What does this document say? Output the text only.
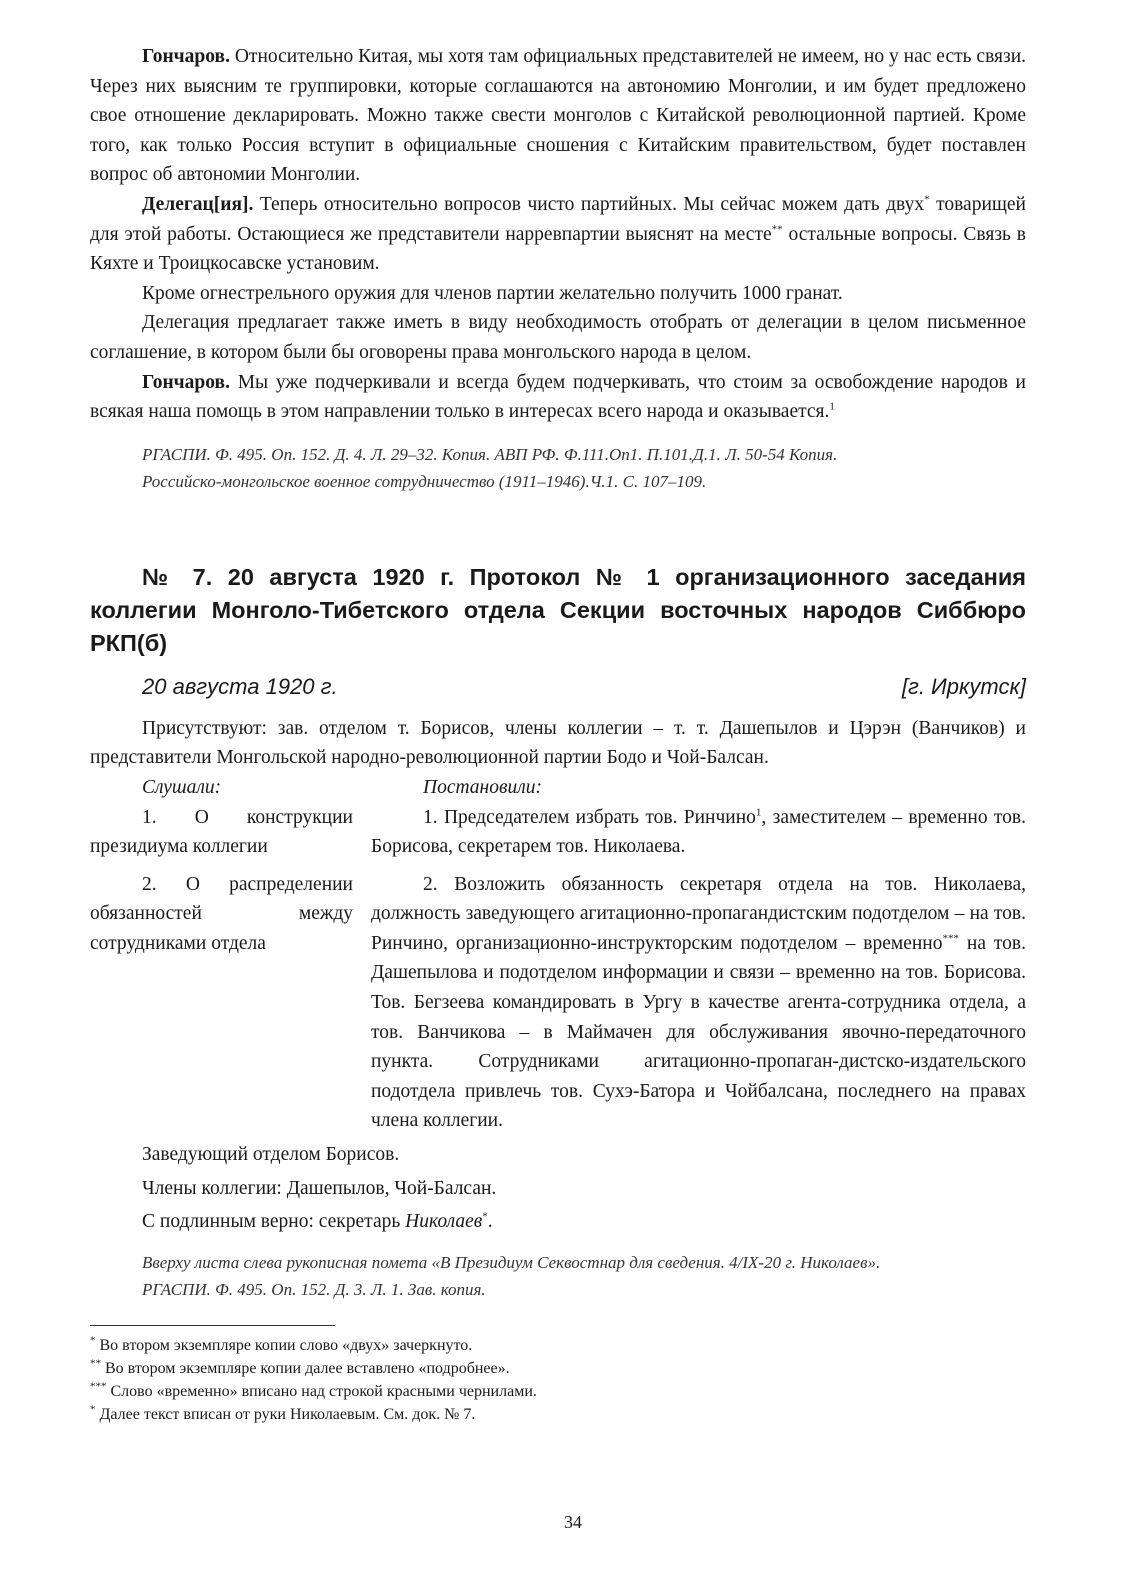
Гончаров. Относительно Китая, мы хотя там официальных представителей не имеем, но у нас есть связи. Через них выясним те группировки, которые соглашаются на автономию Монголии, и им будет предложено свое отношение декларировать. Можно также свести монголов с Китайской революционной партией. Кроме того, как только Россия вступит в официальные сношения с Китайским правительством, будет поставлен вопрос об автономии Монголии.

Делегац[ия]. Теперь относительно вопросов чисто партийных. Мы сейчас можем дать двух* товарищей для этой работы. Остающиеся же представители нарревпартии выяснят на месте** остальные вопросы. Связь в Кяхте и Троицкосавске установим.

Кроме огнестрельного оружия для членов партии желательно получить 1000 гранат.

Делегация предлагает также иметь в виду необходимость отобрать от делегации в целом письменное соглашение, в котором были бы оговорены права монгольского народа в целом.

Гончаров. Мы уже подчеркивали и всегда будем подчеркивать, что стоим за освобождение народов и всякая наша помощь в этом направлении только в интересах всего народа и оказывается.$^1$

РГАСПИ. Ф. 495. Оп. 152. Д. 4. Л. 29–32. Копия. АВП РФ. Ф.111.Оп1. П.101.Д.1. Л. 50-54 Копия.
Российско-монгольское военное сотрудничество (1911–1946).Ч.1. С. 107–109.
№ 7. 20 августа 1920 г. Протокол № 1 организационного заседания коллегии Монголо-Тибетского отдела Секции восточных народов Сиббюро РКП(б)
20 августа 1920 г.	[г. Иркутск]

Присутствуют: зав. отделом т. Борисов, члены коллегии – т. т. Дашепылов и Цэрэн (Ванчиков) и представители Монгольской народно-революционной партии Бодо и Чой-Балсан.

Слушали:	Постановили:
1. О конструкции президиума коллегии
1. Председателем избрать тов. Ринчино$^1$, заместителем – временно тов. Борисова, секретарем тов. Николаева.
2. О распределении обязанностей между сотрудниками отдела
2. Возложить обязанность секретаря отдела на тов. Николаева, должность заведующего агитационно-пропагандистским подотделом – на тов. Ринчино, организационно-инструкторским подотделом – временно*** на тов. Дашепылова и подотделом информации и связи – временно на тов. Борисова. Тов. Бегзеева командировать в Ургу в качестве агента-сотрудника отдела, а тов. Ванчикова – в Маймачен для обслуживания явочно-передаточного пункта. Сотрудниками агитационно-пропаган-дистско-издательского подотдела привлечь тов. Сухэ-Батора и Чойбалсана, последнего на правах члена коллегии.

Заведующий отделом Борисов.

Члены коллегии: Дашепылов, Чой-Балсан.

С подлинным верно: секретарь Николаев*.

Вверху листа слева рукописная помета «В Президиум Секвостнар для сведения. 4/IX-20 г. Николаев».
РГАСПИ. Ф. 495. Оп. 152. Д. 3. Л. 1. Зав. копия.
* Во втором экземпляре копии слово «двух» зачеркнуто.
** Во втором экземпляре копии далее вставлено «подробнее».
*** Слово «временно» вписано над строкой красными чернилами.
* Далее текст вписан от руки Николаевым. См. док. № 7.
34
